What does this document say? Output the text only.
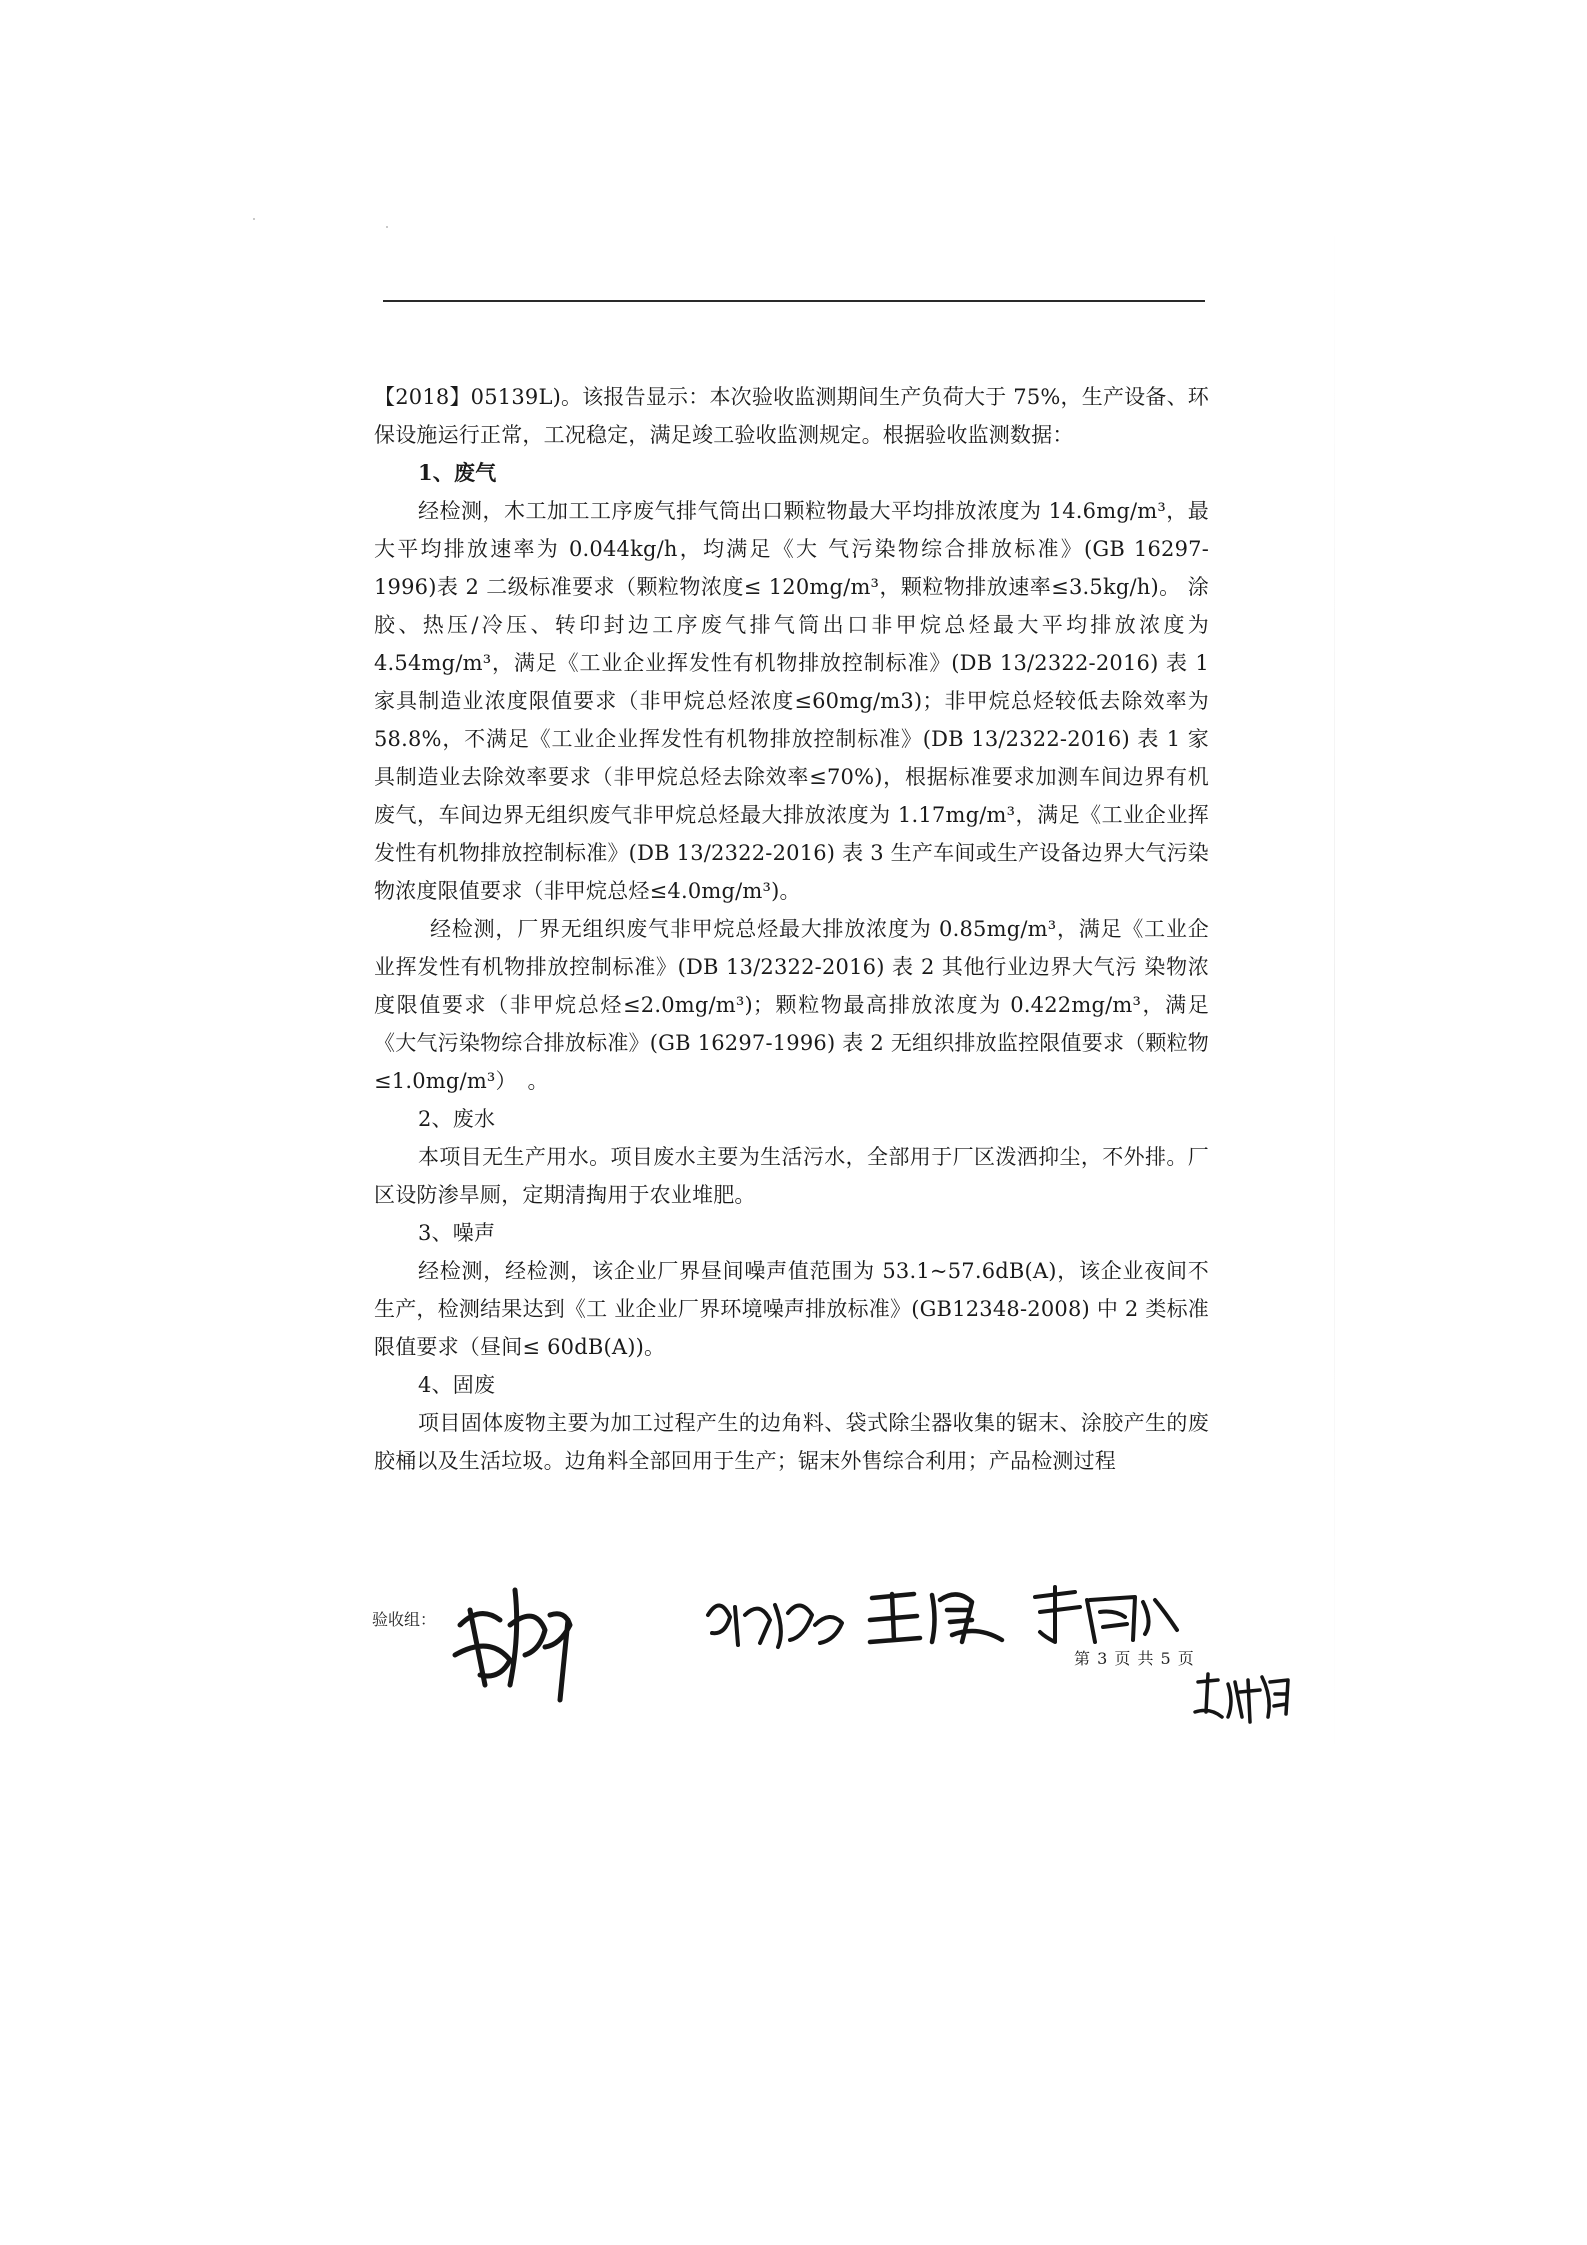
【2018】05139L)。该报告显示：本次验收监测期间生产负荷大于 75%，生产设备、环保设施运行正常，工况稳定，满足竣工验收监测规定。根据验收监测数据：

1、废气

经检测，木工加工工序废气排气筒出口颗粒物最大平均排放浓度为 14.6mg/m³，最大平均排放速率为 0.044kg/h，均满足《大 气污染物综合排放标准》(GB 16297-1996)表 2 二级标准要求（颗粒物浓度≤ 120mg/m³，颗粒物排放速率≤3.5kg/h)。 涂胶、热压/冷压、转印封边工序废气排气筒出口非甲烷总烃最大平均排放浓度为 4.54mg/m³，满足《工业企业挥发性有机物排放控制标准》(DB 13/2322-2016) 表 1 家具制造业浓度限值要求（非甲烷总烃浓度≤60mg/m3)；非甲烷总烃较低去除效率为 58.8%，不满足《工业企业挥发性有机物排放控制标准》(DB 13/2322-2016) 表 1 家具制造业去除效率要求（非甲烷总烃去除效率≤70%)，根据标准要求加测车间边界有机废气，车间边界无组织废气非甲烷总烃最大排放浓度为 1.17mg/m³，满足《工业企业挥发性有机物排放控制标准》(DB 13/2322-2016) 表 3 生产车间或生产设备边界大气污染物浓度限值要求（非甲烷总烃≤4.0mg/m³)。

经检测，厂界无组织废气非甲烷总烃最大排放浓度为 0.85mg/m³，满足《工业企业挥发性有机物排放控制标准》(DB 13/2322-2016) 表 2 其他行业边界大气污 染物浓度限值要求（非甲烷总烃≤2.0mg/m³)；颗粒物最高排放浓度为 0.422mg/m³，满足《大气污染物综合排放标准》(GB 16297-1996) 表 2 无组织排放监控限值要求（颗粒物≤1.0mg/m³）　。

2、废水

本项目无生产用水。项目废水主要为生活污水，全部用于厂区泼洒抑尘，不外排。厂区设防渗旱厕，定期清掏用于农业堆肥。

3、噪声

经检测，经检测，该企业厂界昼间噪声值范围为 53.1~57.6dB(A)，该企业夜间不生产，检测结果达到《工 业企业厂界环境噪声排放标准》(GB12348-2008) 中 2 类标准限值要求（昼间≤ 60dB(A))。

4、固废

项目固体废物主要为加工过程产生的边角料、袋式除尘器收集的锯末、涂胶产生的废胶桶以及生活垃圾。边角料全部回用于生产；锯末外售综合利用；产品检测过程

验收组：
第 3 页 共 5 页
